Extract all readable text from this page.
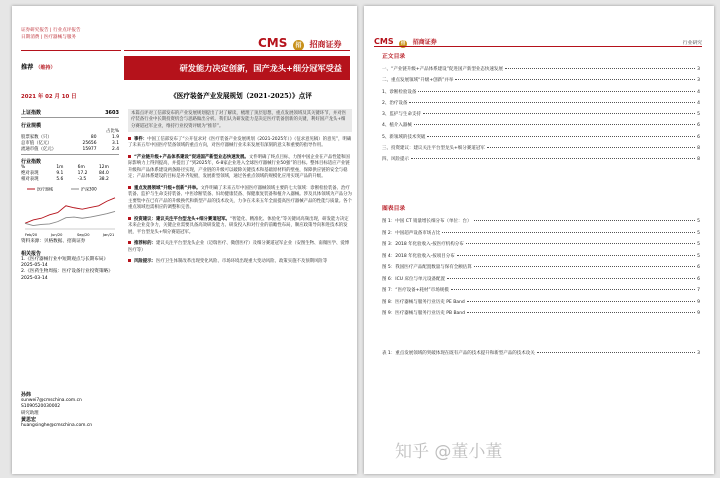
证券研究报告 | 行业点评报告
日期消费 | 医疗器械与服务	CMS 招 招商证券
推荐 （维持）	研发能力决定创新，国产龙头+细分冠军受益
2021 年 02 月 10 日	《医疗装备产业发展规划（2021-2025）》点评
上证指数	3603
行业规模
占比%
股票家数（只）	80	1.9
总市值（亿元）	25656	3.1
流通市值（亿元）	15977	2.4
行业指数
%	1m	6m	12m
绝对表现	9.1	17.2	84.0
相对表现	5.6	-3.5	38.2
医疗器械	沪深300
Feb/20	Jun/20	Sep/20	Jan/21
资料来源：贝格数据、招商证券
相关报告
1.《医疗器械行业中短期观点与长期布局》2025-05-14
2.《医药生物周报：医疗设备行业投资策略》2025-03-14
本篇点评对工信部发布的产业发展规划提出了对了解读，梳理了顶层思想，重点发展领域及其关键环节，并对医疗装备行业中长期投资机会与思路做出分析。我们认为研发能力是决定医疗装备创新的关键，利好国产龙头+细分赛道冠军企业，维持行业投资评级为“推荐”。
事件：中国工信部发布了“公开征求对《医疗装备产业发展规划（2021-2025年）》（征求意见稿）的意见”，明确了未来五年中国医疗装备领域的重点方向，对医疗器械行业未来发展有深刻的意义和重要的指导作用。
“产业链升级+产品体系建设”促进国产新型业态快速发展。文件明确了终点目标，力图中国企业在产品性能和国际影响力上得到提高，并提出了“到2025年，6-8家企业进入全球医疗器械行业50强”的目标。整体目标适应产业链升级和产品体系建设两条路径实现，产业链的升级可以破除关键技术和基础原材料的壁垒，保障供应链的安全与稳定；产品体系建设的目标是补齐短板，发展新型领域，通过各重点领域的规模化应用实现产品的升级。
重点发展领域“升级+创新”并举。文件明确了未来五年中国医疗器械领域主要的七大领域：诊断检验装备、治疗装备、监护与生命支持装备、中医诊断装备、妇幼健康装备、保健康复装备和植介入器械。涉及具体领域为产品分为主要集中在已有产品的升级换代和新型产品的技术攻关，力争在未来五年全面提高医疗器械产品的性能与质量。各个重点领域也需相应的调整和完善。
投资建议：建议关注平台型龙头+细分赛道冠军。“智能化、精准化、体验化”等关键词高频出现，研发能力决定未来企业竞争力，关键企业需要具备高效研发能力、研发投入和对行业的前瞻性布局，顺应政策导向和进技术的发展，平台型龙头+细分赛道冠军。
推荐标的：建议关注平台型龙头企业（迈瑞医疗、微创医疗）及细分赛道冠军企业（安图生物、南微医学、爱博医疗等）
风险提示：医疗卫生体制改革出现变化风险、市场环境出现重大变动风险、政策实施不及预期风险等
孙炜
sunwei7@cmschina.com.cn
S1090520030002
研究助理
黄思宏
huangsinghe@cmschina.com.cn
CMS 招 招商证券	行业研究
正文目录
一、“产业链升级+产品体系建设”促进国产新型业态快速发展	3
二、重点发展领域“升级+创新”并举	3
1、诊断检验设备	4
2、治疗设备	4
3、监护与生命支持	5
4、植介入器械	6
5、新领域的技术突破	6
三、投资建议：建议关注平台型龙头+细分赛道冠军	8
四、风险提示	8
图表目录
图 1：中国 CT 销量增长细分布（单位：台）	5
图 2：中国超声设备市场占比	5
图 3：2018 年化验收入-按医疗机构分布	5
图 4：2018 年化验收入-按项目分布	5
图 5：我国医疗产品配置数量与保有全额估算	6
图 6：ICU 床位与单元设备配置	6
图 7：“医疗设备+耗材”市场规模	7
图 8：医疗器械与服务行业历史 PE Band	9
图 9：医疗器械与服务行业历史 PB Band	9
表 1：重点发展领域的突破体现在既有产品的技术提升和新型产品的技术攻关	3
知乎 @董小董
